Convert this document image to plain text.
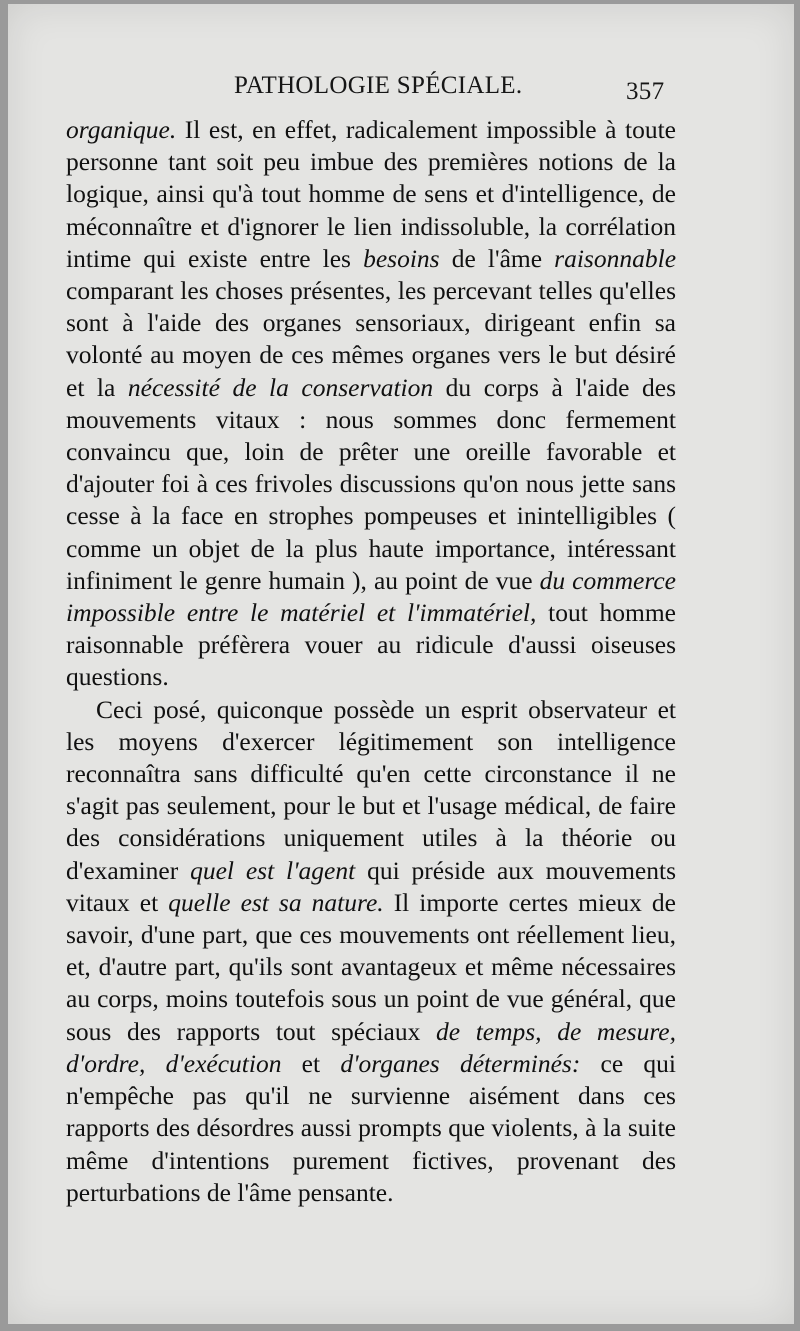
PATHOLOGIE SPÉCIALE.	357

organique. Il est, en effet, radicalement impossible à toute personne tant soit peu imbue des premières notions de la logique, ainsi qu'à tout homme de sens et d'intelligence, de méconnaître et d'ignorer le lien indissoluble, la corrélation intime qui existe entre les besoins de l'âme raisonnable comparant les choses présentes, les percevant telles qu'elles sont à l'aide des organes sensoriaux, dirigeant enfin sa volonté au moyen de ces mêmes organes vers le but désiré et la nécessité de la conservation du corps à l'aide des mouvements vitaux : nous sommes donc fermement convaincu que, loin de prêter une oreille favorable et d'ajouter foi à ces frivoles discussions qu'on nous jette sans cesse à la face en strophes pompeuses et inintelligibles ( comme un objet de la plus haute importance, intéressant infiniment le genre humain ), au point de vue du commerce impossible entre le matériel et l'immatériel, tout homme raisonnable préfèrera vouer au ridicule d'aussi oiseuses questions.

Ceci posé, quiconque possède un esprit observateur et les moyens d'exercer légitimement son intelligence reconnaîtra sans difficulté qu'en cette circonstance il ne s'agit pas seulement, pour le but et l'usage médical, de faire des considérations uniquement utiles à la théorie ou d'examiner quel est l'agent qui préside aux mouvements vitaux et quelle est sa nature. Il importe certes mieux de savoir, d'une part, que ces mouvements ont réellement lieu, et, d'autre part, qu'ils sont avantageux et même nécessaires au corps, moins toutefois sous un point de vue général, que sous des rapports tout spéciaux de temps, de mesure, d'ordre, d'exécution et d'organes déterminés: ce qui n'empêche pas qu'il ne survienne aisément dans ces rapports des désordres aussi prompts que violents, à la suite même d'intentions purement fictives, provenant des perturbations de l'âme pensante.
